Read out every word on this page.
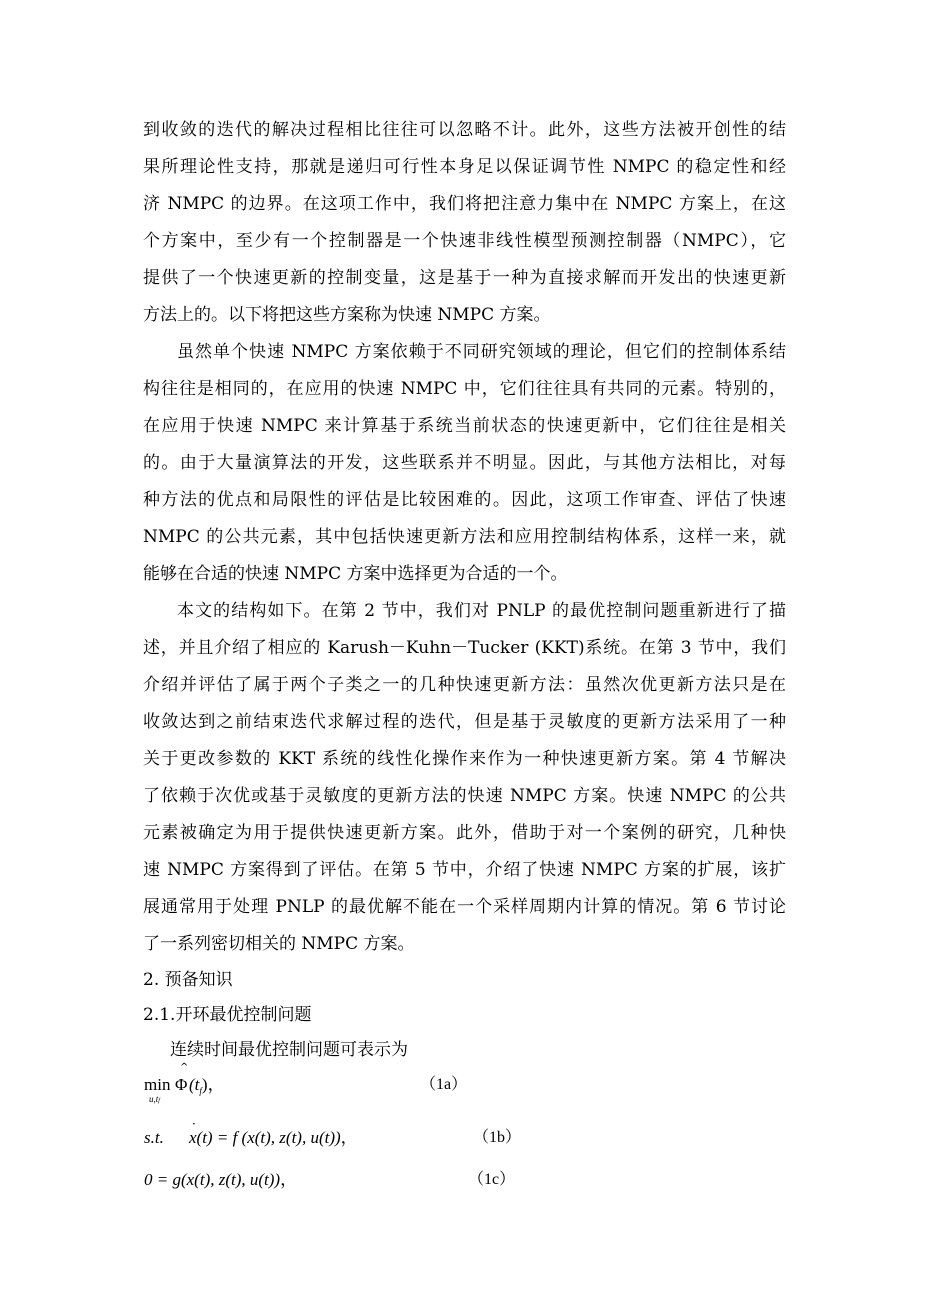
到收敛的迭代的解决过程相比往往可以忽略不计。此外，这些方法被开创性的结
果所理论性支持，那就是递归可行性本身足以保证调节性 NMPC 的稳定性和经
济 NMPC 的边界。在这项工作中，我们将把注意力集中在 NMPC 方案上，在这
个方案中，至少有一个控制器是一个快速非线性模型预测控制器（NMPC），它
提供了一个快速更新的控制变量，这是基于一种为直接求解而开发出的快速更新
方法上的。以下将把这些方案称为快速 NMPC 方案。
虽然单个快速 NMPC 方案依赖于不同研究领域的理论，但它们的控制体系结
构往往是相同的，在应用的快速 NMPC 中，它们往往具有共同的元素。特别的，
在应用于快速 NMPC 来计算基于系统当前状态的快速更新中，它们往往是相关
的。由于大量演算法的开发，这些联系并不明显。因此，与其他方法相比，对每
种方法的优点和局限性的评估是比较困难的。因此，这项工作审查、评估了快速
NMPC 的公共元素，其中包括快速更新方法和应用控制结构体系，这样一来，就
能够在合适的快速 NMPC 方案中选择更为合适的一个。
本文的结构如下。在第 2 节中，我们对 PNLP 的最优控制问题重新进行了描
述，并且介绍了相应的 Karush－Kuhn－Tucker (KKT)系统。在第 3 节中，我们
介绍并评估了属于两个子类之一的几种快速更新方法：虽然次优更新方法只是在
收敛达到之前结束迭代求解过程的迭代，但是基于灵敏度的更新方法采用了一种
关于更改参数的 KKT 系统的线性化操作来作为一种快速更新方案。第 4 节解决
了依赖于次优或基于灵敏度的更新方法的快速 NMPC 方案。快速 NMPC 的公共
元素被确定为用于提供快速更新方案。此外，借助于对一个案例的研究，几种快
速 NMPC 方案得到了评估。在第 5 节中，介绍了快速 NMPC 方案的扩展，该扩
展通常用于处理 PNLP 的最优解不能在一个采样周期内计算的情况。第 6 节讨论
了一系列密切相关的 NMPC 方案。
2. 预备知识
2.1.开环最优控制问题
连续时间最优控制问题可表示为
min
u,tf
^
Φ $(t_f)$，	（1a）
s.t.
·
x(t) = f (x(t), z(t), u(t))，	（1b）
0 = g(x(t), z(t), u(t))，	（1c）
